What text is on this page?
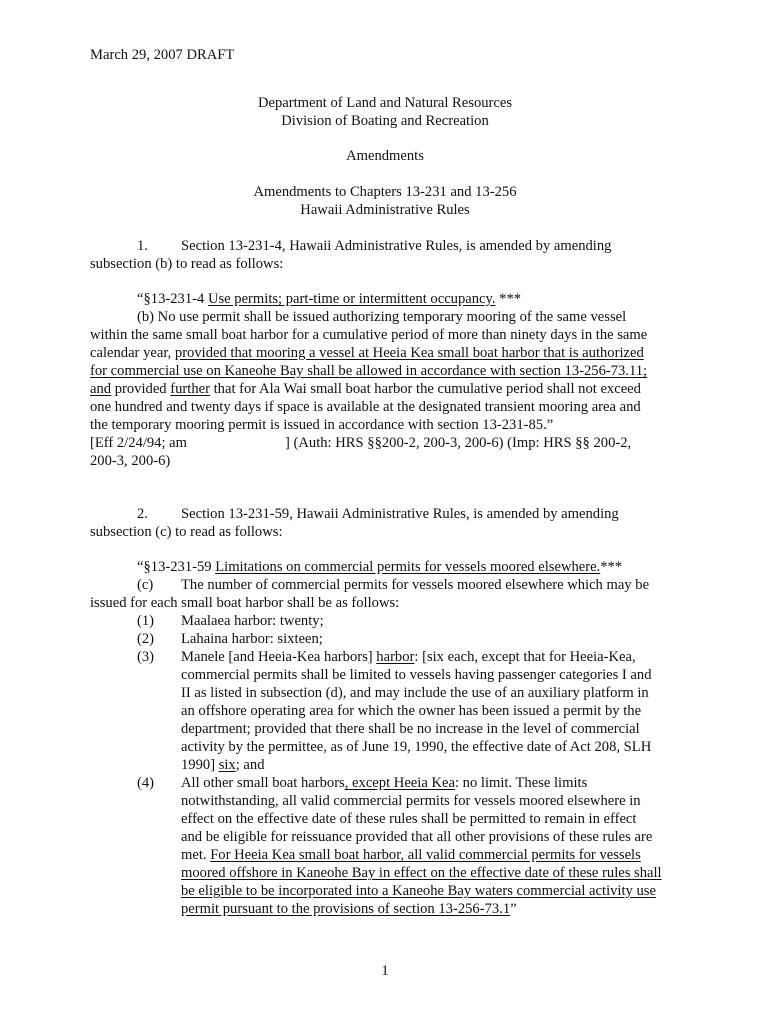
March 29, 2007 DRAFT
Department of Land and Natural Resources
Division of Boating and Recreation
Amendments
Amendments to Chapters 13-231 and 13-256
Hawaii Administrative Rules
1. Section 13-231-4, Hawaii Administrative Rules, is amended by amending
subsection (b) to read as follows:
“§13-231-4 Use permits; part-time or intermittent occupancy. ***
(b) No use permit shall be issued authorizing temporary mooring of the same vessel
within the same small boat harbor for a cumulative period of more than ninety days in the same
calendar year, provided that mooring a vessel at Heeia Kea small boat harbor that is authorized
for commercial use on Kaneohe Bay shall be allowed in accordance with section 13-256-73.11;
and provided further that for Ala Wai small boat harbor the cumulative period shall not exceed
one hundred and twenty days if space is available at the designated transient mooring area and
the temporary mooring permit is issued in accordance with section 13-231-85.”
[Eff 2/24/94; am	] (Auth: HRS §§200-2, 200-3, 200-6) (Imp: HRS §§ 200-2,
200-3, 200-6)
2. Section 13-231-59, Hawaii Administrative Rules, is amended by amending
subsection (c) to read as follows:
“§13-231-59 Limitations on commercial permits for vessels moored elsewhere.***
(c) The number of commercial permits for vessels moored elsewhere which may be
issued for each small boat harbor shall be as follows:
(1) Maalaea harbor: twenty;
(2) Lahaina harbor: sixteen;
(3) Manele [and Heeia-Kea harbors] harbor: [six each, except that for Heeia-Kea,
commercial permits shall be limited to vessels having passenger categories I and
II as listed in subsection (d), and may include the use of an auxiliary platform in
an offshore operating area for which the owner has been issued a permit by the
department; provided that there shall be no increase in the level of commercial
activity by the permittee, as of June 19, 1990, the effective date of Act 208, SLH
1990] six; and
(4) All other small boat harbors, except Heeia Kea: no limit. These limits
notwithstanding, all valid commercial permits for vessels moored elsewhere in
effect on the effective date of these rules shall be permitted to remain in effect
and be eligible for reissuance provided that all other provisions of these rules are
met. For Heeia Kea small boat harbor, all valid commercial permits for vessels
moored offshore in Kaneohe Bay in effect on the effective date of these rules shall
be eligible to be incorporated into a Kaneohe Bay waters commercial activity use
permit pursuant to the provisions of section 13-256-73.1”
1
